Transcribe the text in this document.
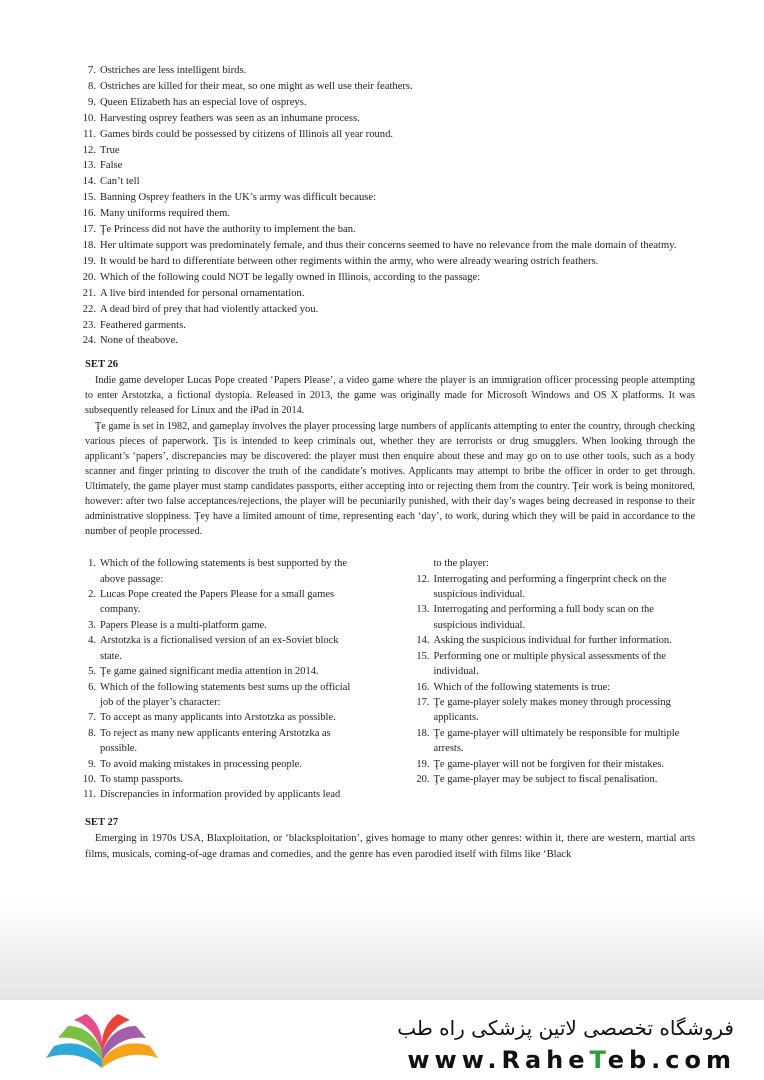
7. Ostriches are less intelligent birds.
8. Ostriches are killed for their meat, so one might as well use their feathers.
9. Queen Elizabeth has an especial love of ospreys.
10. Harvesting osprey feathers was seen as an inhumane process.
11. Games birds could be possessed by citizens of Illinois all year round.
12. True
13. False
14. Can’t tell
15. Banning Osprey feathers in the UK’s army was difficult because:
16. Many uniforms required them.
17. Ţe Princess did not have the authority to implement the ban.
18. Her ultimate support was predominately female, and thus their concerns seemed to have no relevance from the male domain of theatmy.
19. It would be hard to differentiate between other regiments within the army, who were already wearing ostrich feathers.
20. Which of the following could NOT be legally owned in Illinois, according to the passage:
21. A live bird intended for personal ornamentation.
22. A dead bird of prey that had violently attacked you.
23. Feathered garments.
24. None of theabove.
SET 26
Indie game developer Lucas Pope created ‘Papers Please’, a video game where the player is an immigration officer processing people attempting to enter Arstotzka, a fictional dystopia. Released in 2013, the game was originally made for Microsoft Windows and OS X platforms. It was subsequently released for Linux and the iPad in 2014.
Ţe game is set in 1982, and gameplay involves the player processing large numbers of applicants attempting to enter the country, through checking various pieces of paperwork. Ţis is intended to keep criminals out, whether they are terrorists or drug smugglers. When looking through the applicant’s ‘papers’, discrepancies may be discovered: the player must then enquire about these and may go on to use other tools, such as a body scanner and finger printing to discover the truth of the candidate’s motives. Applicants may attempt to bribe the officer in order to get through. Ultimately, the game player must stamp candidates passports, either accepting into or rejecting them from the country. Ţeir work is being monitored, however: after two false acceptances/rejections, the player will be pecuniarily punished, with their day’s wages being decreased in response to their administrative sloppiness. Ţey have a limited amount of time, representing each ‘day’, to work, during which they will be paid in accordance to the number of people processed.
1. Which of the following statements is best supported by the above passage:
2. Lucas Pope created the Papers Please for a small games company.
3. Papers Please is a multi-platform game.
4. Arstotzka is a fictionalised version of an ex-Soviet block state.
5. Ţe game gained significant media attention in 2014.
6. Which of the following statements best sums up the official job of the player’s character:
7. To accept as many applicants into Arstotzka as possible.
8. To reject as many new applicants entering Arstotzka as possible.
9. To avoid making mistakes in processing people.
10. To stamp passports.
11. Discrepancies in information provided by applicants lead
to the player:
12. Interrogating and performing a fingerprint check on the suspicious individual.
13. Interrogating and performing a full body scan on the suspicious individual.
14. Asking the suspicious individual for further information.
15. Performing one or multiple physical assessments of the individual.
16. Which of the following statements is true:
17. Ţe game-player solely makes money through processing applicants.
18. Ţe game-player will ultimately be responsible for multiple arrests.
19. Ţe game-player will not be forgiven for their mistakes.
20. Ţe game-player may be subject to fiscal penalisation.
SET 27
Emerging in 1970s USA, Blaxploitation, or ‘blacksploitation’, gives homage to many other genres: within it, there are western, martial arts films, musicals, coming-of-age dramas and comedies, and the genre has even parodied itself with films like ‘Black
فروشگاه تخصصی لاتین پزشکی راه طب
www.RaheTeb.com
